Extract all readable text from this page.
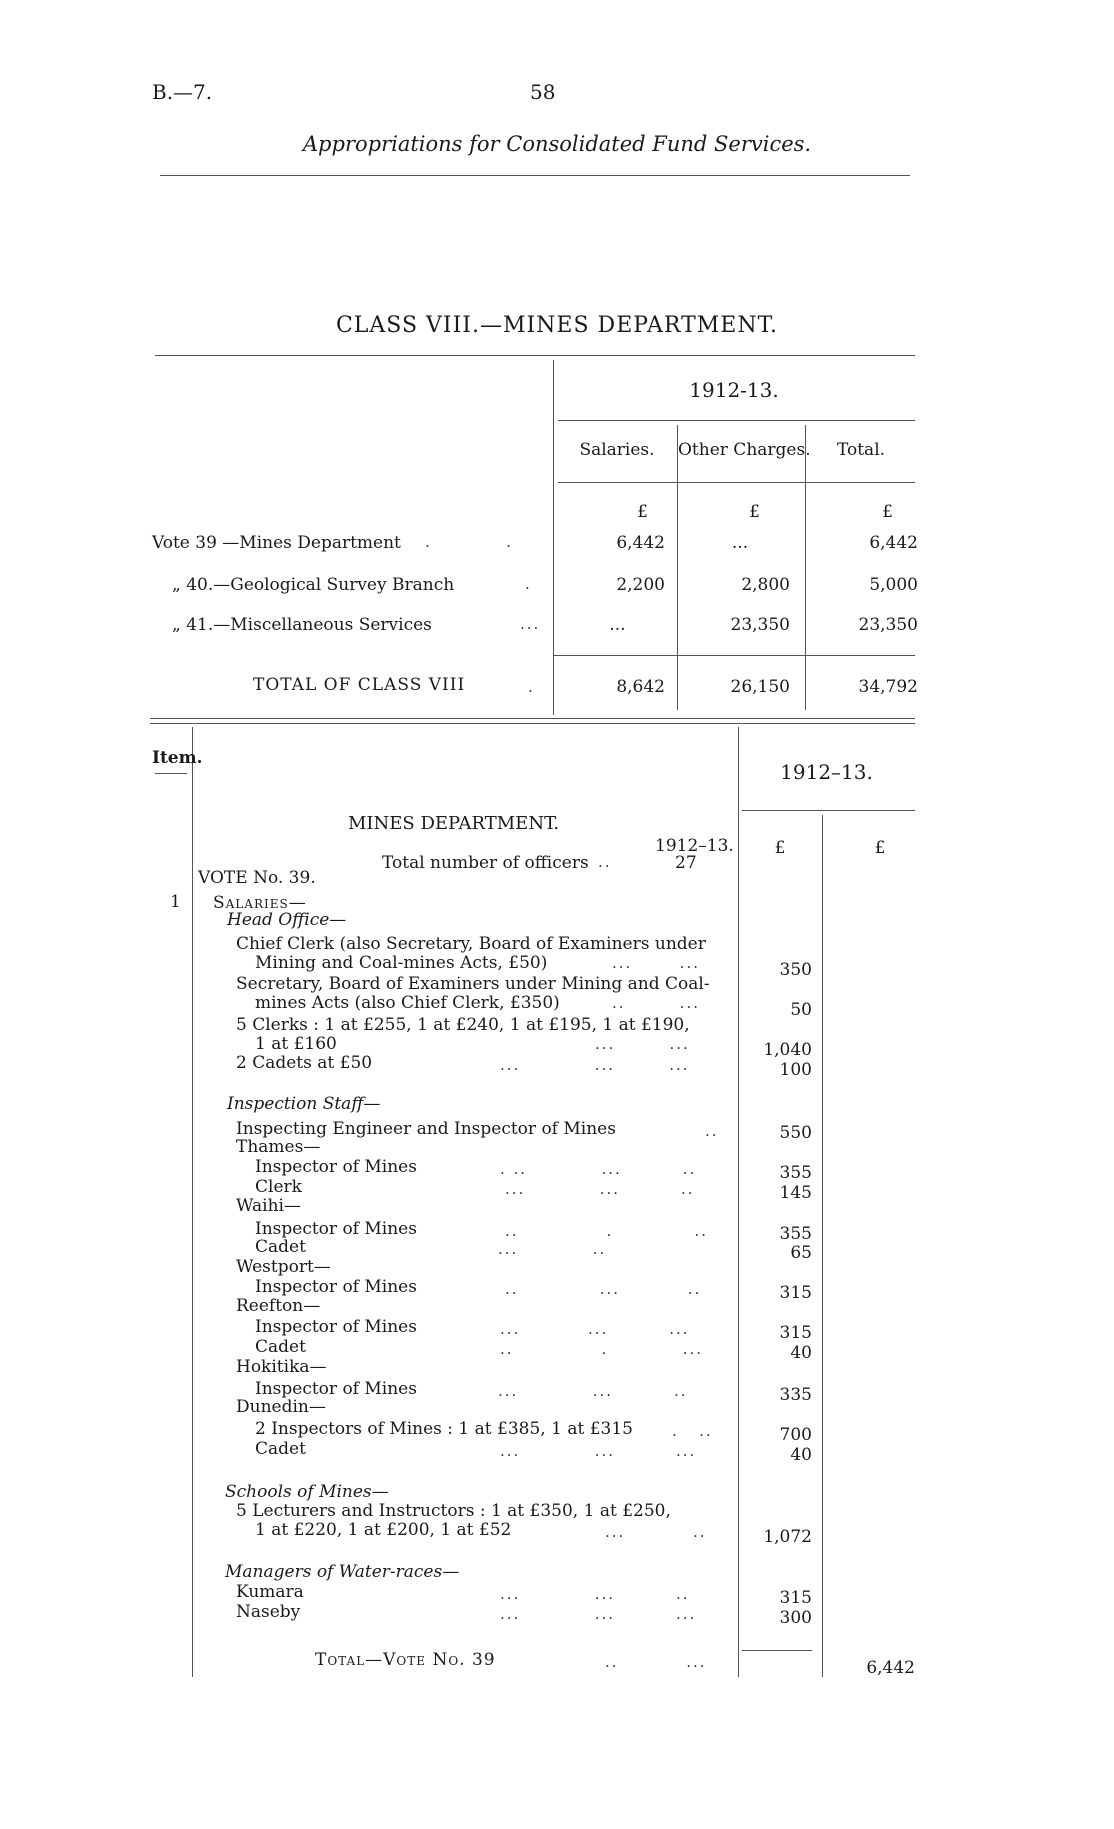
B.—7.	58
Appropriations for Consolidated Fund Services.
CLASS VIII.—MINES DEPARTMENT.
1912-13.
Salaries.	Other Charges.	Total.
£	£	£
Vote 39 —Mines Department .           .	6,442	...	6,442
„ 40.—Geological Survey Branch	.	2,200	2,800	5,000
„ 41.—Miscellaneous Services	...	...	23,350	23,350
TOTAL OF CLASS VIII	.	8,642	26,150	34,792
Item.
1912–13.
£	£
MINES DEPARTMENT.
1912–13.
Total number of officers ..	27
VOTE No. 39.
1 Salaries—
Head Office—
Chief Clerk (also Secretary, Board of Examiners under
Mining and Coal-mines Acts, £50)	...       ...	350
Secretary, Board of Examiners under Mining and Coal-
mines Acts (also Chief Clerk, £350)	..        ...	50
5 Clerks : 1 at £255, 1 at £240, 1 at £195, 1 at £190,
1 at £160	...        ...	1,040
2 Cadets at £50	...           ...        ...	100
Inspection Staff—
Inspecting Engineer and Inspector of Mines	..	550
Thames—
Inspector of Mines	. ..           ...         ..	355
Clerk	...           ...         ..	145
Waihi—
Inspector of Mines	..             .            ..	355
Cadet	...           ..	65
Westport—
Inspector of Mines	..            ...          ..	315
Reefton—
Inspector of Mines	...          ...         ...	315
Cadet	..             .           ...	40
Hokitika—
Inspector of Mines	...           ...         ..	335
Dunedin—
2 Inspectors of Mines : 1 at £385, 1 at £315	.   ..	700
Cadet	...           ...         ...	40
Schools of Mines—
5 Lecturers and Instructors : 1 at £350, 1 at £250,
1 at £220, 1 at £200, 1 at £52	...          ..	1,072
Managers of Water-races—
Kumara	...           ...         ..	315
Naseby	...           ...         ...	300
Total—Vote No. 39	..          ...	6,442
